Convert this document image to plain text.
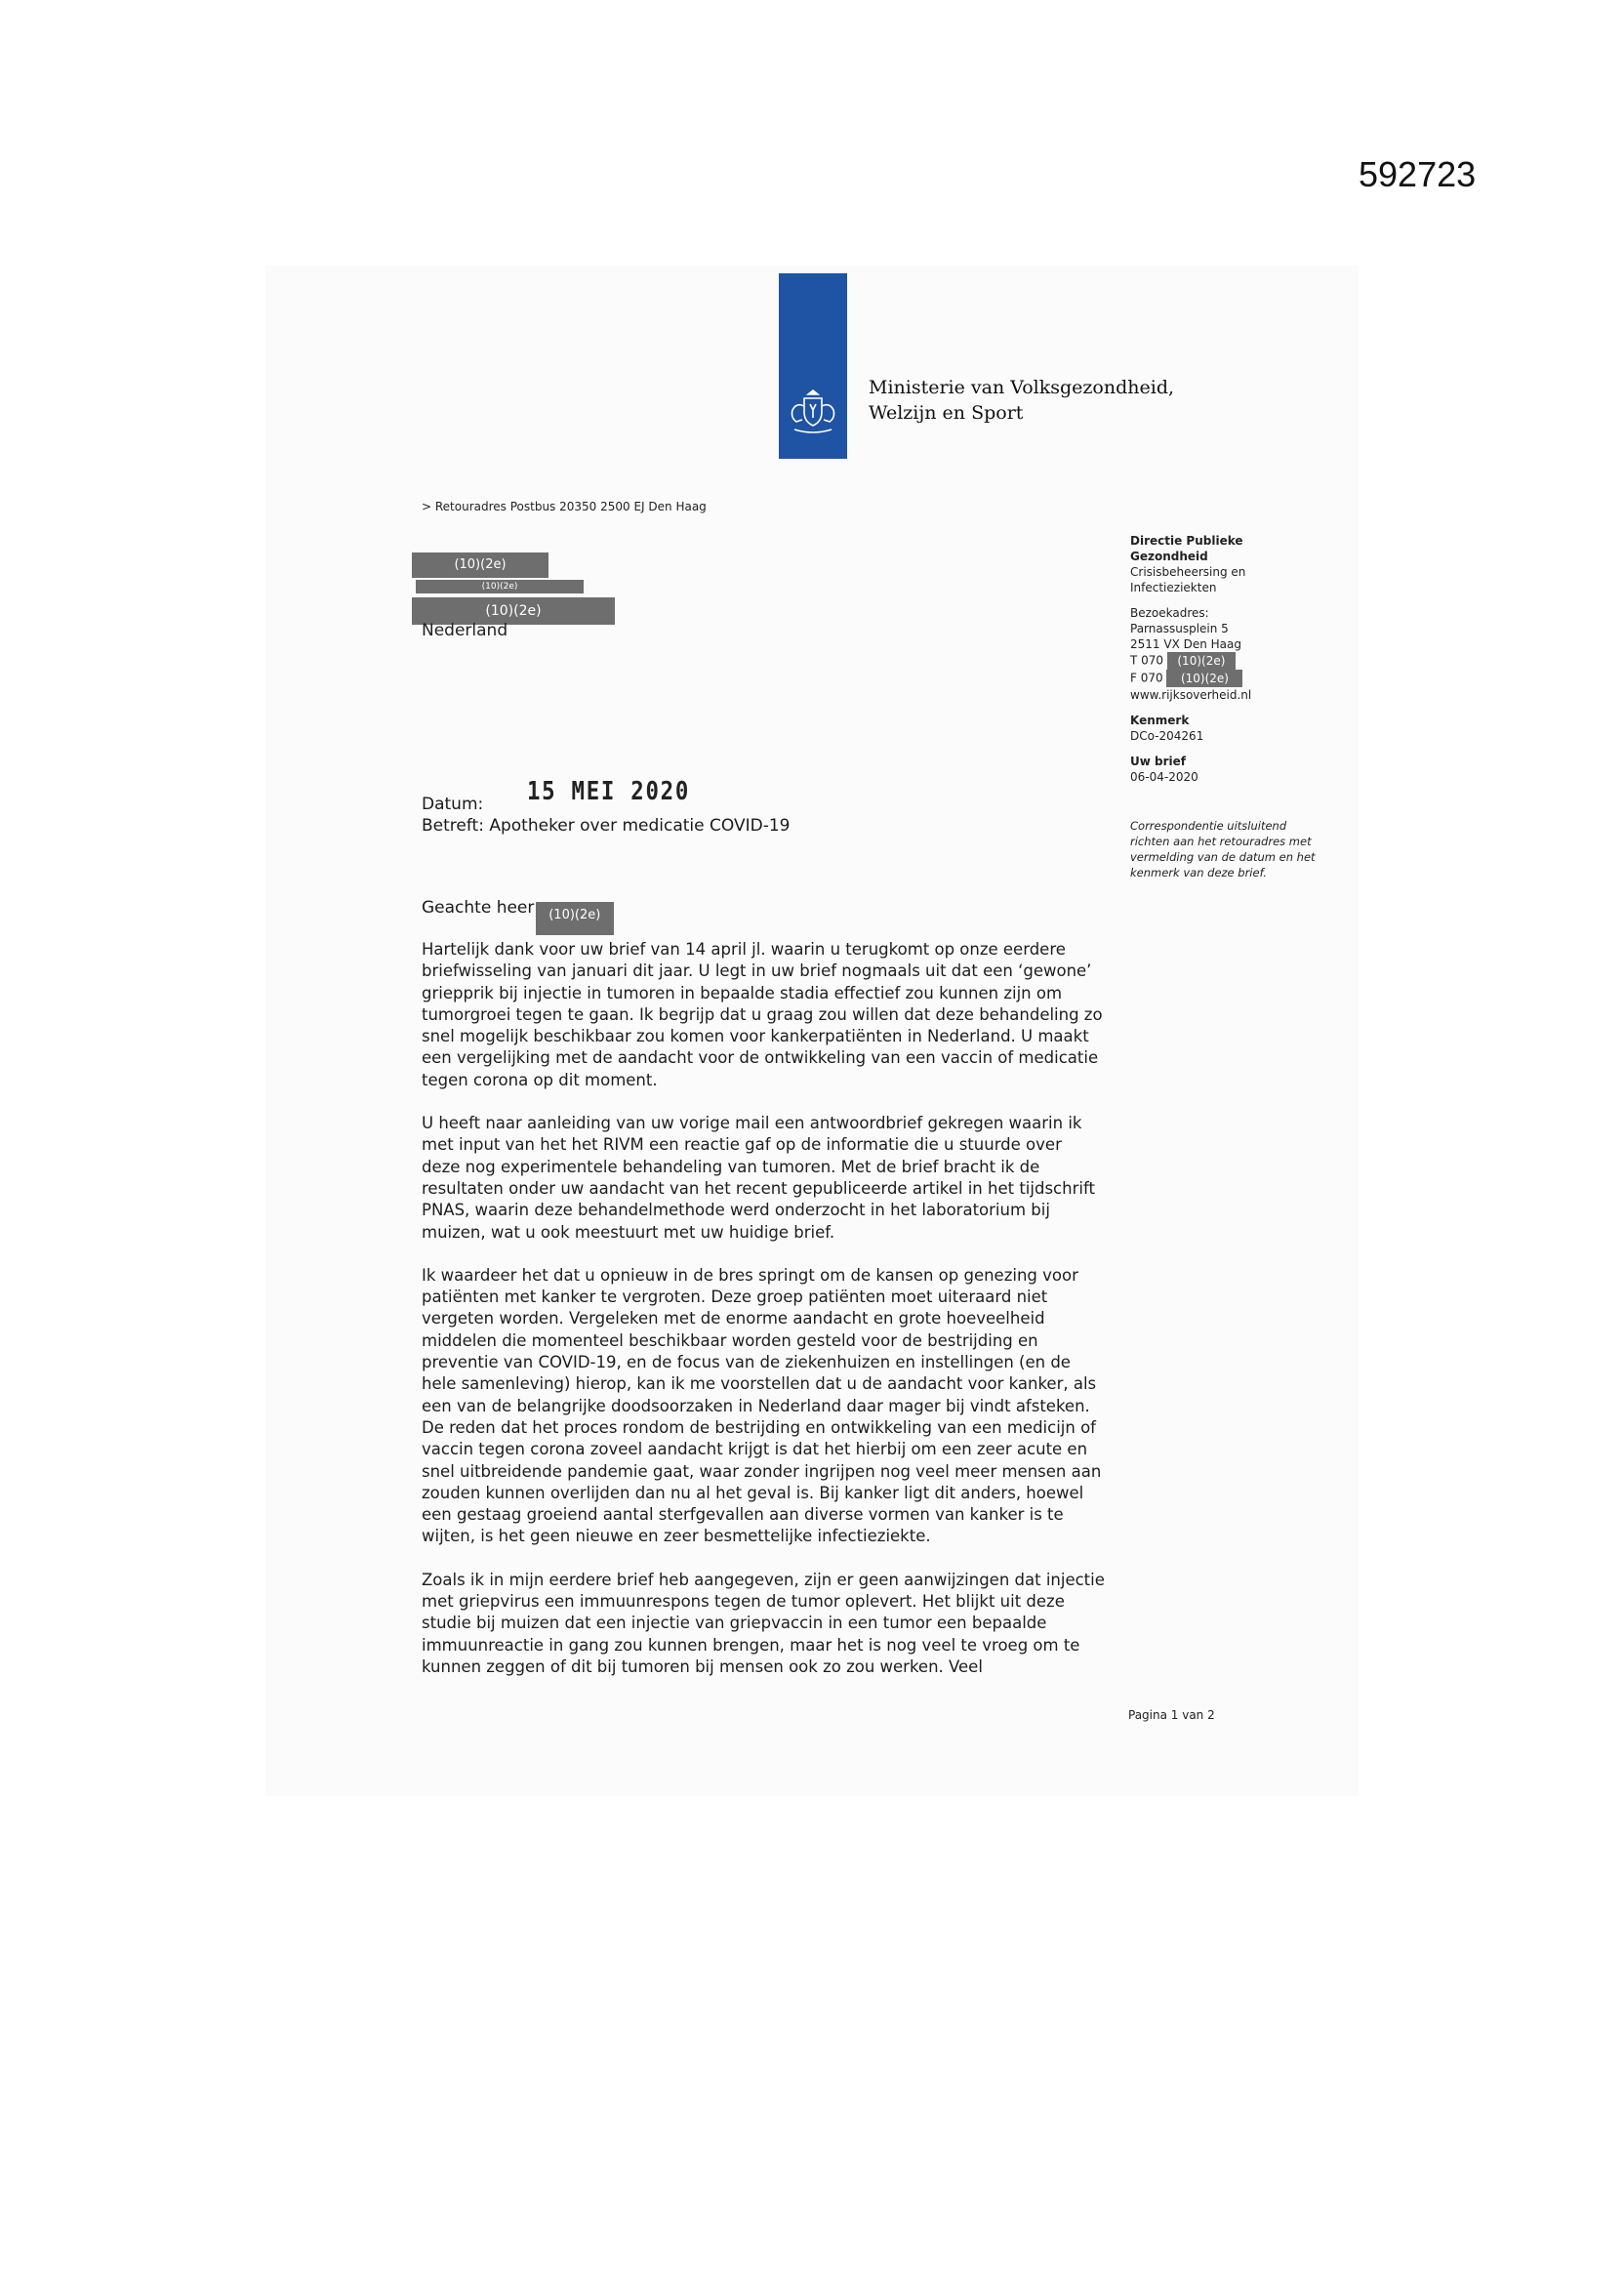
592723
Ministerie van Volksgezondheid,
Welzijn en Sport
> Retouradres Postbus 20350 2500 EJ Den Haag
(10)(2e)
(10)(2e)
(10)(2e)
Nederland
Directie Publieke Gezondheid
Crisisbeheersing en Infectieziekten
Bezoekadres:
Parnassusplein 5
2511 VX Den Haag
T 070 (10)(2e)
F 070 (10)(2e)
www.rijksoverheid.nl
Kenmerk
DCo-204261
Uw brief
06-04-2020
Correspondentie uitsluitend richten aan het retouradres met vermelding van de datum en het kenmerk van deze brief.
Datum: 15 MEI 2020
Betreft: Apotheker over medicatie COVID-19
Geachte heer (10)(2e)

Hartelijk dank voor uw brief van 14 april jl. waarin u terugkomt op onze eerdere briefwisseling van januari dit jaar. U legt in uw brief nogmaals uit dat een ‘gewone’ griepprik bij injectie in tumoren in bepaalde stadia effectief zou kunnen zijn om tumorgroei tegen te gaan. Ik begrijp dat u graag zou willen dat deze behandeling zo snel mogelijk beschikbaar zou komen voor kankerpatiënten in Nederland. U maakt een vergelijking met de aandacht voor de ontwikkeling van een vaccin of medicatie tegen corona op dit moment.

U heeft naar aanleiding van uw vorige mail een antwoordbrief gekregen waarin ik met input van het het RIVM een reactie gaf op de informatie die u stuurde over deze nog experimentele behandeling van tumoren. Met de brief bracht ik de resultaten onder uw aandacht van het recent gepubliceerde artikel in het tijdschrift PNAS, waarin deze behandelmethode werd onderzocht in het laboratorium bij muizen, wat u ook meestuurt met uw huidige brief.

Ik waardeer het dat u opnieuw in de bres springt om de kansen op genezing voor patiënten met kanker te vergroten. Deze groep patiënten moet uiteraard niet vergeten worden. Vergeleken met de enorme aandacht en grote hoeveelheid middelen die momenteel beschikbaar worden gesteld voor de bestrijding en preventie van COVID-19, en de focus van de ziekenhuizen en instellingen (en de hele samenleving) hierop, kan ik me voorstellen dat u de aandacht voor kanker, als een van de belangrijke doodsoorzaken in Nederland daar mager bij vindt afsteken. De reden dat het proces rondom de bestrijding en ontwikkeling van een medicijn of vaccin tegen corona zoveel aandacht krijgt is dat het hierbij om een zeer acute en snel uitbreidende pandemie gaat, waar zonder ingrijpen nog veel meer mensen aan zouden kunnen overlijden dan nu al het geval is. Bij kanker ligt dit anders, hoewel een gestaag groeiend aantal sterfgevallen aan diverse vormen van kanker is te wijten, is het geen nieuwe en zeer besmettelijke infectieziekte.

Zoals ik in mijn eerdere brief heb aangegeven, zijn er geen aanwijzingen dat injectie met griepvirus een immuunrespons tegen de tumor oplevert. Het blijkt uit deze studie bij muizen dat een injectie van griepvaccin in een tumor een bepaalde immuunreactie in gang zou kunnen brengen, maar het is nog veel te vroeg om te kunnen zeggen of dit bij tumoren bij mensen ook zo zou werken. Veel

Pagina 1 van 2
